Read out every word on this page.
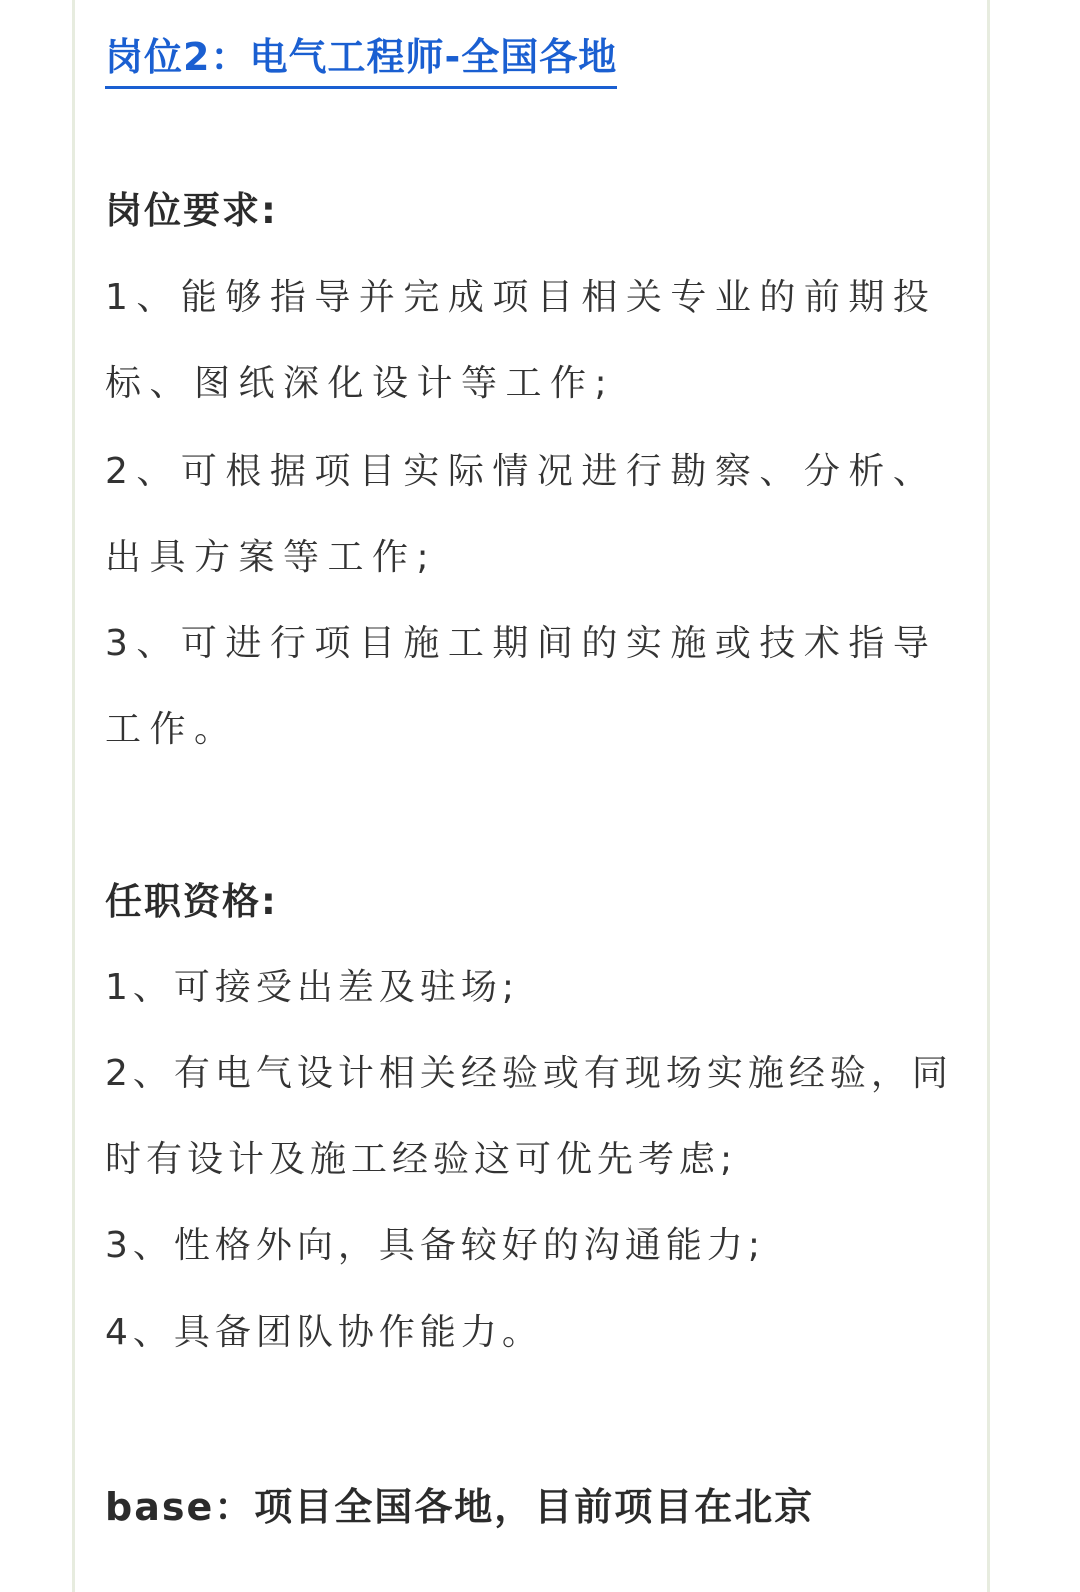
岗位2：电气工程师-全国各地
岗位要求:
1、能够指导并完成项目相关专业的前期投标、图纸深化设计等工作;
2、可根据项目实际情况进行勘察、分析、出具方案等工作;
3、可进行项目施工期间的实施或技术指导工作。
任职资格:
1、可接受出差及驻场;
2、有电气设计相关经验或有现场实施经验，同时有设计及施工经验这可优先考虑;
3、性格外向，具备较好的沟通能力;
4、具备团队协作能力。
base：项目全国各地，目前项目在北京
